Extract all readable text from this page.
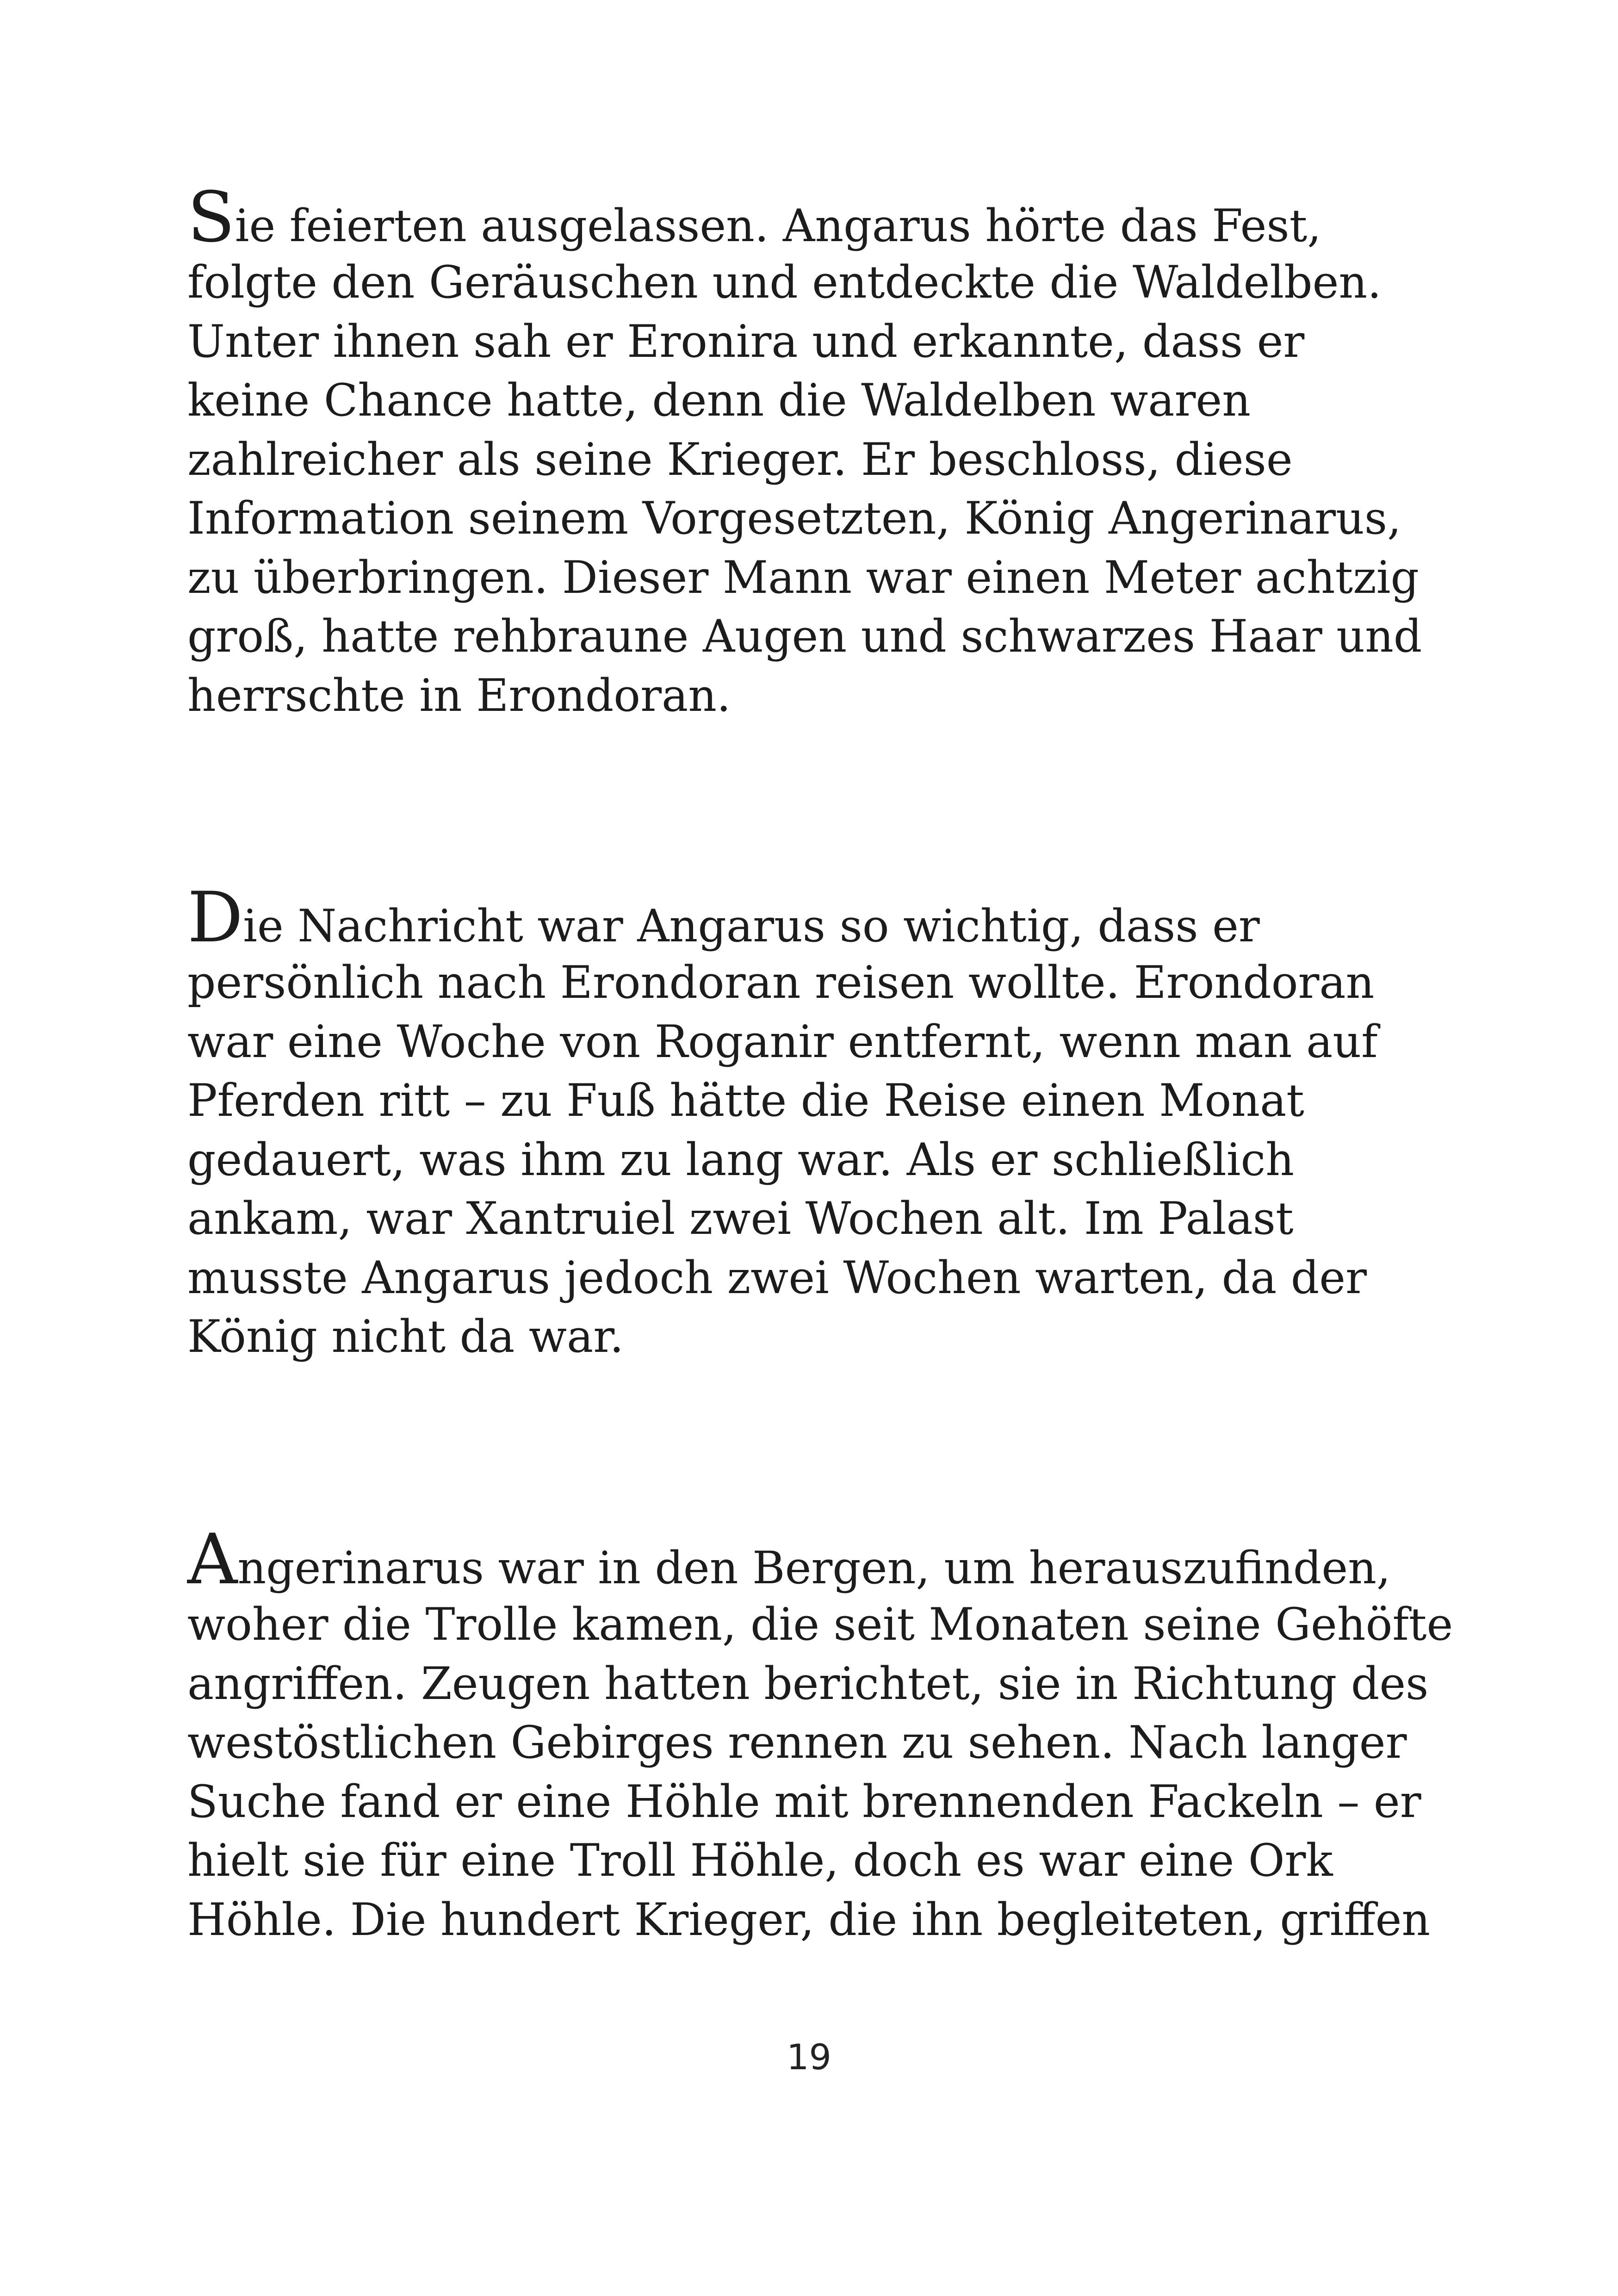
Sie feierten ausgelassen. Angarus hörte das Fest,
folgte den Geräuschen und entdeckte die Waldelben.
Unter ihnen sah er Eronira und erkannte, dass er
keine Chance hatte, denn die Waldelben waren
zahlreicher als seine Krieger. Er beschloss, diese
Information seinem Vorgesetzten, König Angerinarus,
zu überbringen. Dieser Mann war einen Meter achtzig
groß, hatte rehbraune Augen und schwarzes Haar und
herrschte in Erondoran.

Die Nachricht war Angarus so wichtig, dass er
persönlich nach Erondoran reisen wollte. Erondoran
war eine Woche von Roganir entfernt, wenn man auf
Pferden ritt – zu Fuß hätte die Reise einen Monat
gedauert, was ihm zu lang war. Als er schließlich
ankam, war Xantruiel zwei Wochen alt. Im Palast
musste Angarus jedoch zwei Wochen warten, da der
König nicht da war.

Angerinarus war in den Bergen, um herauszufinden,
woher die Trolle kamen, die seit Monaten seine Gehöfte
angriffen. Zeugen hatten berichtet, sie in Richtung des
westöstlichen Gebirges rennen zu sehen. Nach langer
Suche fand er eine Höhle mit brennenden Fackeln – er
hielt sie für eine Troll Höhle, doch es war eine Ork
Höhle. Die hundert Krieger, die ihn begleiteten, griffen

19
